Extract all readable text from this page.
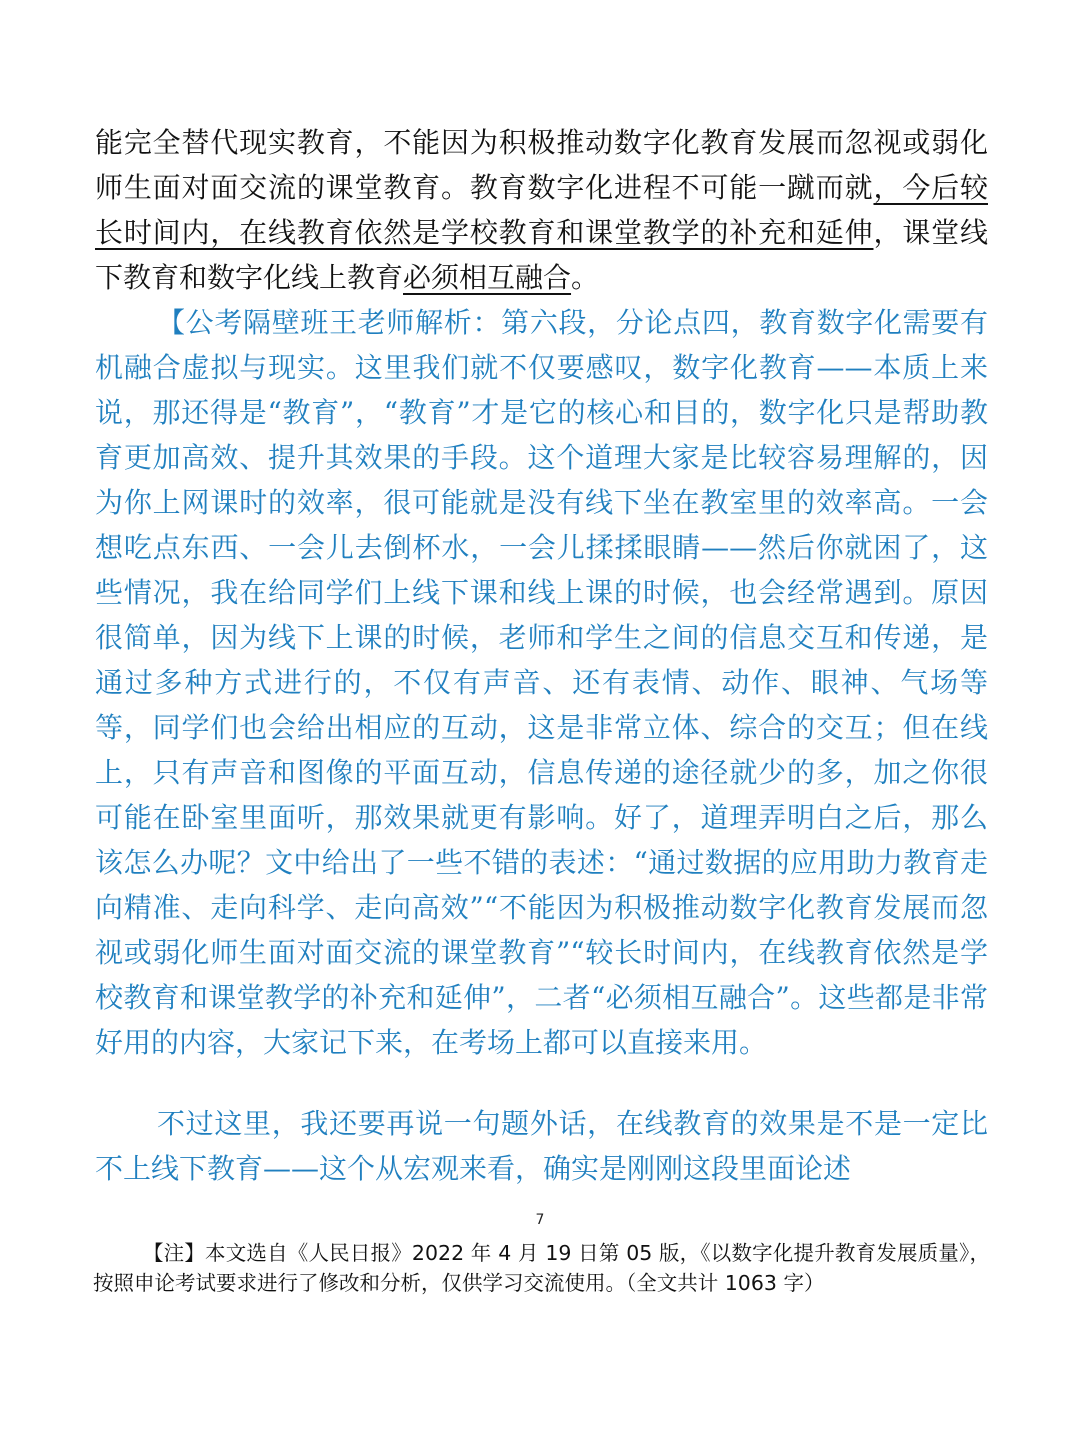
能完全替代现实教育，不能因为积极推动数字化教育发展而忽视或弱化师生面对面交流的课堂教育。教育数字化进程不可能一蹴而就，今后较长时间内，在线教育依然是学校教育和课堂教学的补充和延伸，课堂线下教育和数字化线上教育必须相互融合。

【公考隔壁班王老师解析：第六段，分论点四，教育数字化需要有机融合虚拟与现实。这里我们就不仅要感叹，数字化教育——本质上来说，那还得是“教育”，“教育”才是它的核心和目的，数字化只是帮助教育更加高效、提升其效果的手段。这个道理大家是比较容易理解的，因为你上网课时的效率，很可能就是没有线下坐在教室里的效率高。一会想吃点东西、一会儿去倒杯水，一会儿揉揉眼睛——然后你就困了，这些情况，我在给同学们上线下课和线上课的时候，也会经常遇到。原因很简单，因为线下上课的时候，老师和学生之间的信息交互和传递，是通过多种方式进行的，不仅有声音、还有表情、动作、眼神、气场等等，同学们也会给出相应的互动，这是非常立体、综合的交互；但在线上，只有声音和图像的平面互动，信息传递的途径就少的多，加之你很可能在卧室里面听，那效果就更有影响。好了，道理弄明白之后，那么该怎么办呢？文中给出了一些不错的表述：“通过数据的应用助力教育走向精准、走向科学、走向高效”“不能因为积极推动数字化教育发展而忽视或弱化师生面对面交流的课堂教育”“较长时间内，在线教育依然是学校教育和课堂教学的补充和延伸”，二者“必须相互融合”。这些都是非常好用的内容，大家记下来，在考场上都可以直接来用。

不过这里，我还要再说一句题外话，在线教育的效果是不是一定比不上线下教育——这个从宏观来看，确实是刚刚这段里面论述

7

【注】本文选自《人民日报》2022 年 4 月 19 日第 05 版，《以数字化提升教育发展质量》，按照申论考试要求进行了修改和分析，仅供学习交流使用。（全文共计 1063 字）
